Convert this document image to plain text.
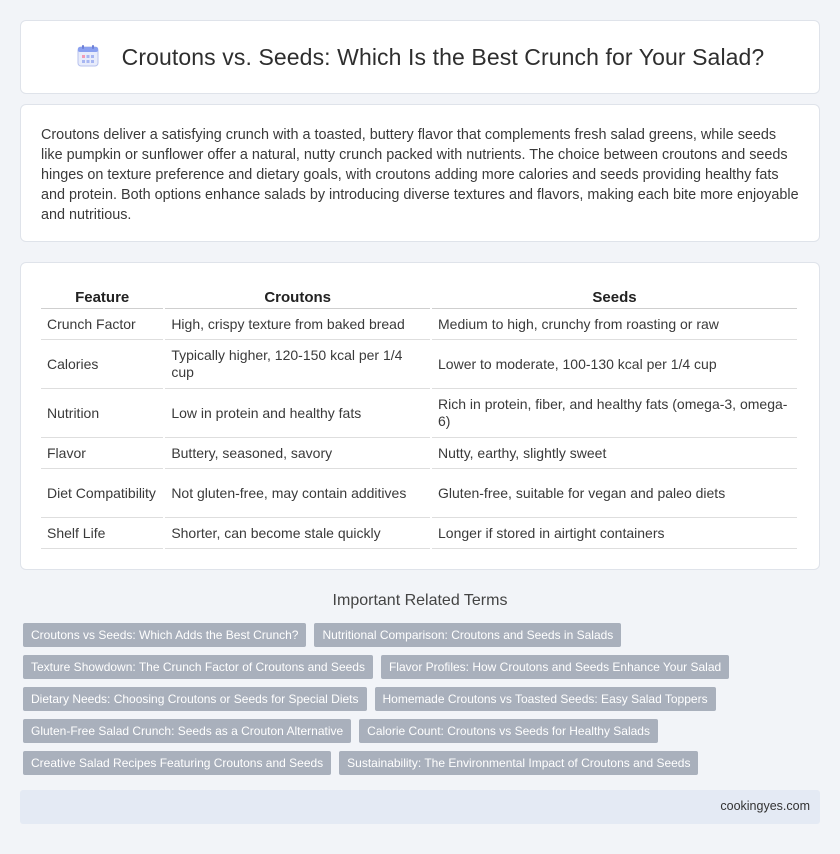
Croutons vs. Seeds: Which Is the Best Crunch for Your Salad?

Croutons deliver a satisfying crunch with a toasted, buttery flavor that complements fresh salad greens, while seeds like pumpkin or sunflower offer a natural, nutty crunch packed with nutrients. The choice between croutons and seeds hinges on texture preference and dietary goals, with croutons adding more calories and seeds providing healthy fats and protein. Both options enhance salads by introducing diverse textures and flavors, making each bite more enjoyable and nutritious.

Feature	Croutons	Seeds
Crunch Factor	High, crispy texture from baked bread	Medium to high, crunchy from roasting or raw
Calories	Typically higher, 120-150 kcal per 1/4 cup	Lower to moderate, 100-130 kcal per 1/4 cup
Nutrition	Low in protein and healthy fats	Rich in protein, fiber, and healthy fats (omega-3, omega-6)
Flavor	Buttery, seasoned, savory	Nutty, earthy, slightly sweet
Diet Compatibility	Not gluten-free, may contain additives	Gluten-free, suitable for vegan and paleo diets
Shelf Life	Shorter, can become stale quickly	Longer if stored in airtight containers
Important Related Terms
Croutons vs Seeds: Which Adds the Best Crunch?	Nutritional Comparison: Croutons and Seeds in Salads
Texture Showdown: The Crunch Factor of Croutons and Seeds	Flavor Profiles: How Croutons and Seeds Enhance Your Salad
Dietary Needs: Choosing Croutons or Seeds for Special Diets	Homemade Croutons vs Toasted Seeds: Easy Salad Toppers
Gluten-Free Salad Crunch: Seeds as a Crouton Alternative	Calorie Count: Croutons vs Seeds for Healthy Salads
Creative Salad Recipes Featuring Croutons and Seeds	Sustainability: The Environmental Impact of Croutons and Seeds
cookingyes.com
